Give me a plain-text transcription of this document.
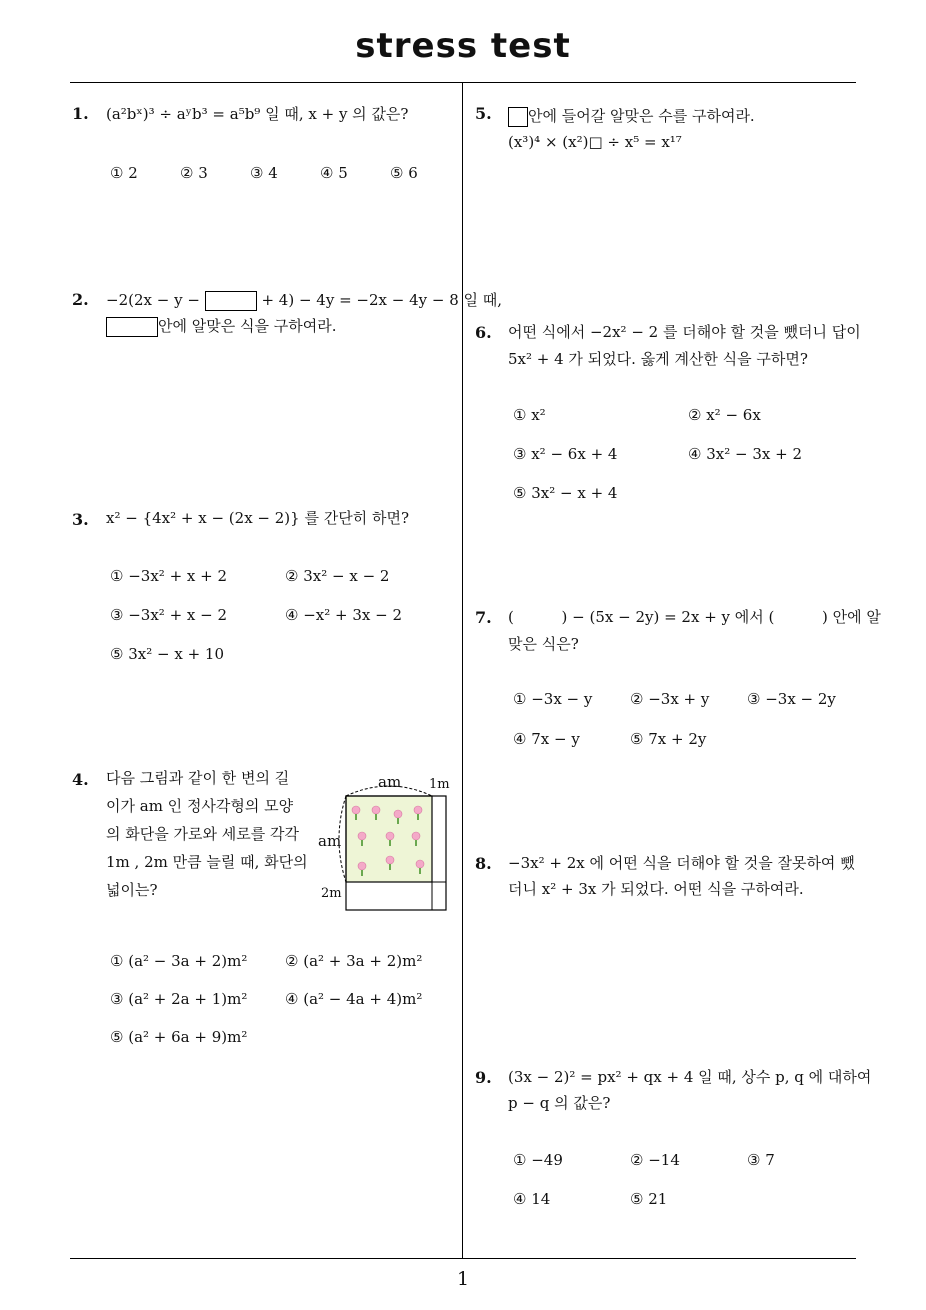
stress test
1. (a²bˣ)³ ÷ aʸb³ = a⁵b⁹ 일 때, x + y 의 값은?
① 2	② 3	③ 4	④ 5	⑤ 6
2. −2(2x − y −	+ 4) − 4y = −2x − 4y − 8 일 때,
안에 알맞은 식을 구하여라.
3. x² − {4x² + x − (2x − 2)} 를 간단히 하면?
① −3x² + x + 2	② 3x² − x − 2
③ −3x² + x − 2	④ −x² + 3x − 2
⑤ 3x² − x + 10
4. 다음 그림과 같이 한 변의 길
이가 am 인 정사각형의 모양
의 화단을 가로와 세로를 각각
1m , 2m 만큼 늘릴 때, 화단의
넓이는?
am 1m
am
2m
① (a² − 3a + 2)m²	② (a² + 3a + 2)m²
③ (a² + 2a + 1)m²	④ (a² − 4a + 4)m²
⑤ (a² + 6a + 9)m²
5.	안에 들어갈 알맞은 수를 구하여라.
(x³)⁴ × (x²)□ ÷ x⁵ = x¹⁷
6. 어떤 식에서 −2x² − 2 를 더해야 할 것을 뺐더니 답이
5x² + 4 가 되었다. 옳게 계산한 식을 구하면?
① x²	② x² − 6x
③ x² − 6x + 4	④ 3x² − 3x + 2
⑤ 3x² − x + 4
7. (          ) − (5x − 2y) = 2x + y 에서 (          ) 안에 알
맞은 식은?
① −3x − y	② −3x + y	③ −3x − 2y
④ 7x − y	⑤ 7x + 2y
8. −3x² + 2x 에 어떤 식을 더해야 할 것을 잘못하여 뺐
더니 x² + 3x 가 되었다. 어떤 식을 구하여라.
9. (3x − 2)² = px² + qx + 4 일 때, 상수 p, q 에 대하여
p − q 의 값은?
① −49	② −14	③ 7
④ 14	⑤ 21
1
